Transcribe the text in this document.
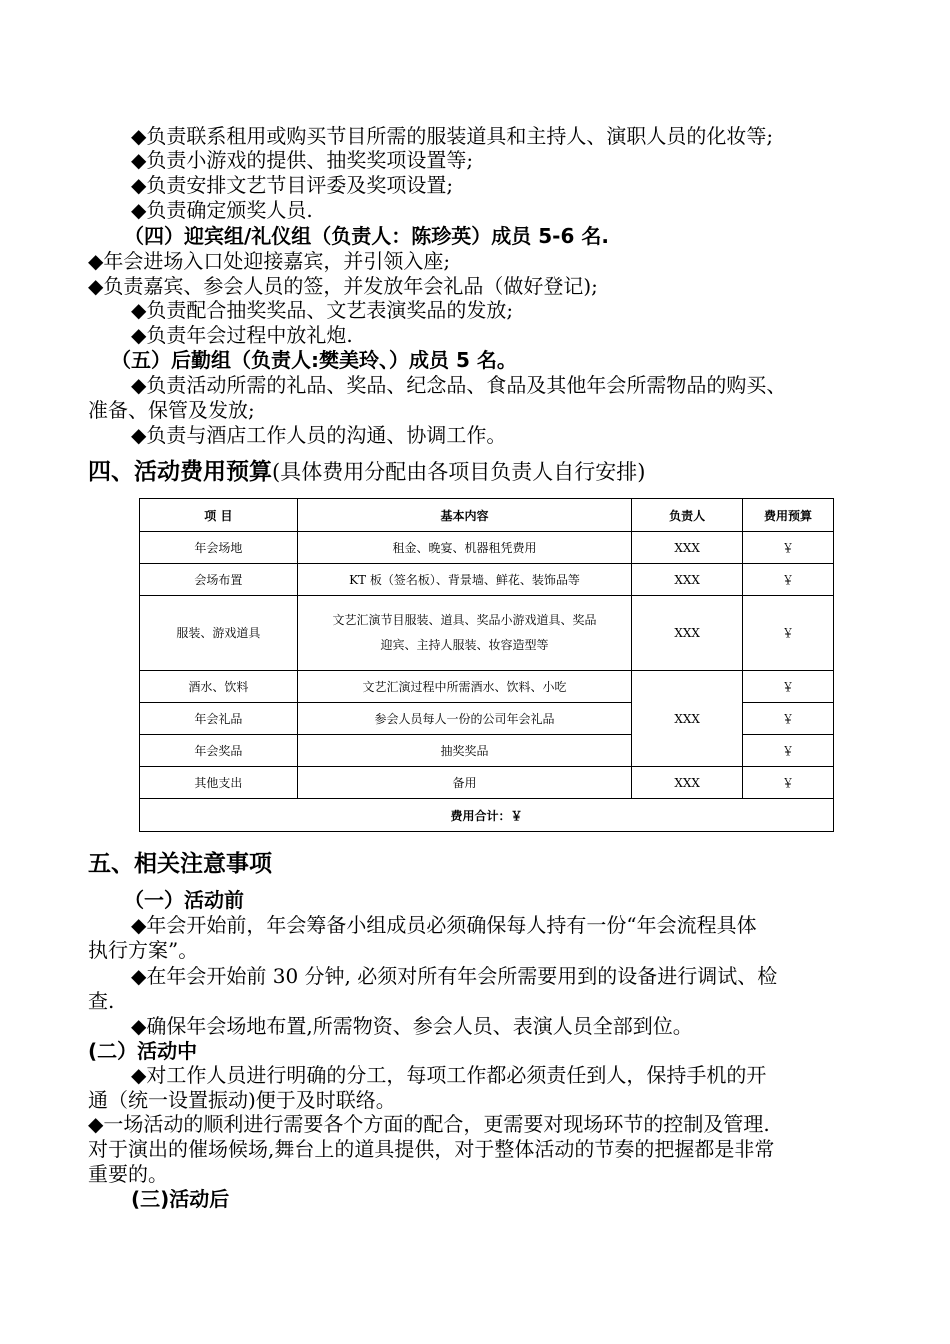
◆负责联系租用或购买节目所需的服装道具和主持人、演职人员的化妆等;
◆负责小游戏的提供、抽奖奖项设置等;
◆负责安排文艺节目评委及奖项设置;
◆负责确定颁奖人员.
（四）迎宾组/礼仪组（负责人：陈珍英）成员 5-6 名.
◆年会进场入口处迎接嘉宾，并引领入座;
◆负责嘉宾、参会人员的签，并发放年会礼品（做好登记);
◆负责配合抽奖奖品、文艺表演奖品的发放;
◆负责年会过程中放礼炮.
（五）后勤组（负责人:樊美玲、）成员 5 名。
◆负责活动所需的礼品、奖品、纪念品、食品及其他年会所需物品的购买、
准备、保管及发放;
◆负责与酒店工作人员的沟通、协调工作。
四、活动费用预算(具体费用分配由各项目负责人自行安排)
项 目	基本内容	负责人	费用预算
年会场地	租金、晚宴、机器租凭费用	XXX	￥
会场布置	KT 板（签名板）、背景墙、鲜花、装饰品等	XXX	￥
服装、游戏道具	文艺汇演节目服装、道具、奖品小游戏道具、奖品
迎宾、主持人服装、妆容造型等	XXX	￥
酒水、饮料	文艺汇演过程中所需酒水、饮料、小吃	XXX	￥
年会礼品	参会人员每人一份的公司年会礼品		￥
年会奖品	抽奖奖品		￥
其他支出	备用	XXX	￥
费用合计：￥			
五、相关注意事项
（一）活动前
◆年会开始前，年会筹备小组成员必须确保每人持有一份“年会流程具体
执行方案”。
◆在年会开始前 30 分钟, 必须对所有年会所需要用到的设备进行调试、检
查.
◆确保年会场地布置,所需物资、参会人员、表演人员全部到位。
(二）活动中
◆对工作人员进行明确的分工，每项工作都必须责任到人，保持手机的开
通（统一设置振动)便于及时联络。
◆一场活动的顺利进行需要各个方面的配合，更需要对现场环节的控制及管理.
对于演出的催场候场,舞台上的道具提供，对于整体活动的节奏的把握都是非常
重要的。
(三)活动后
